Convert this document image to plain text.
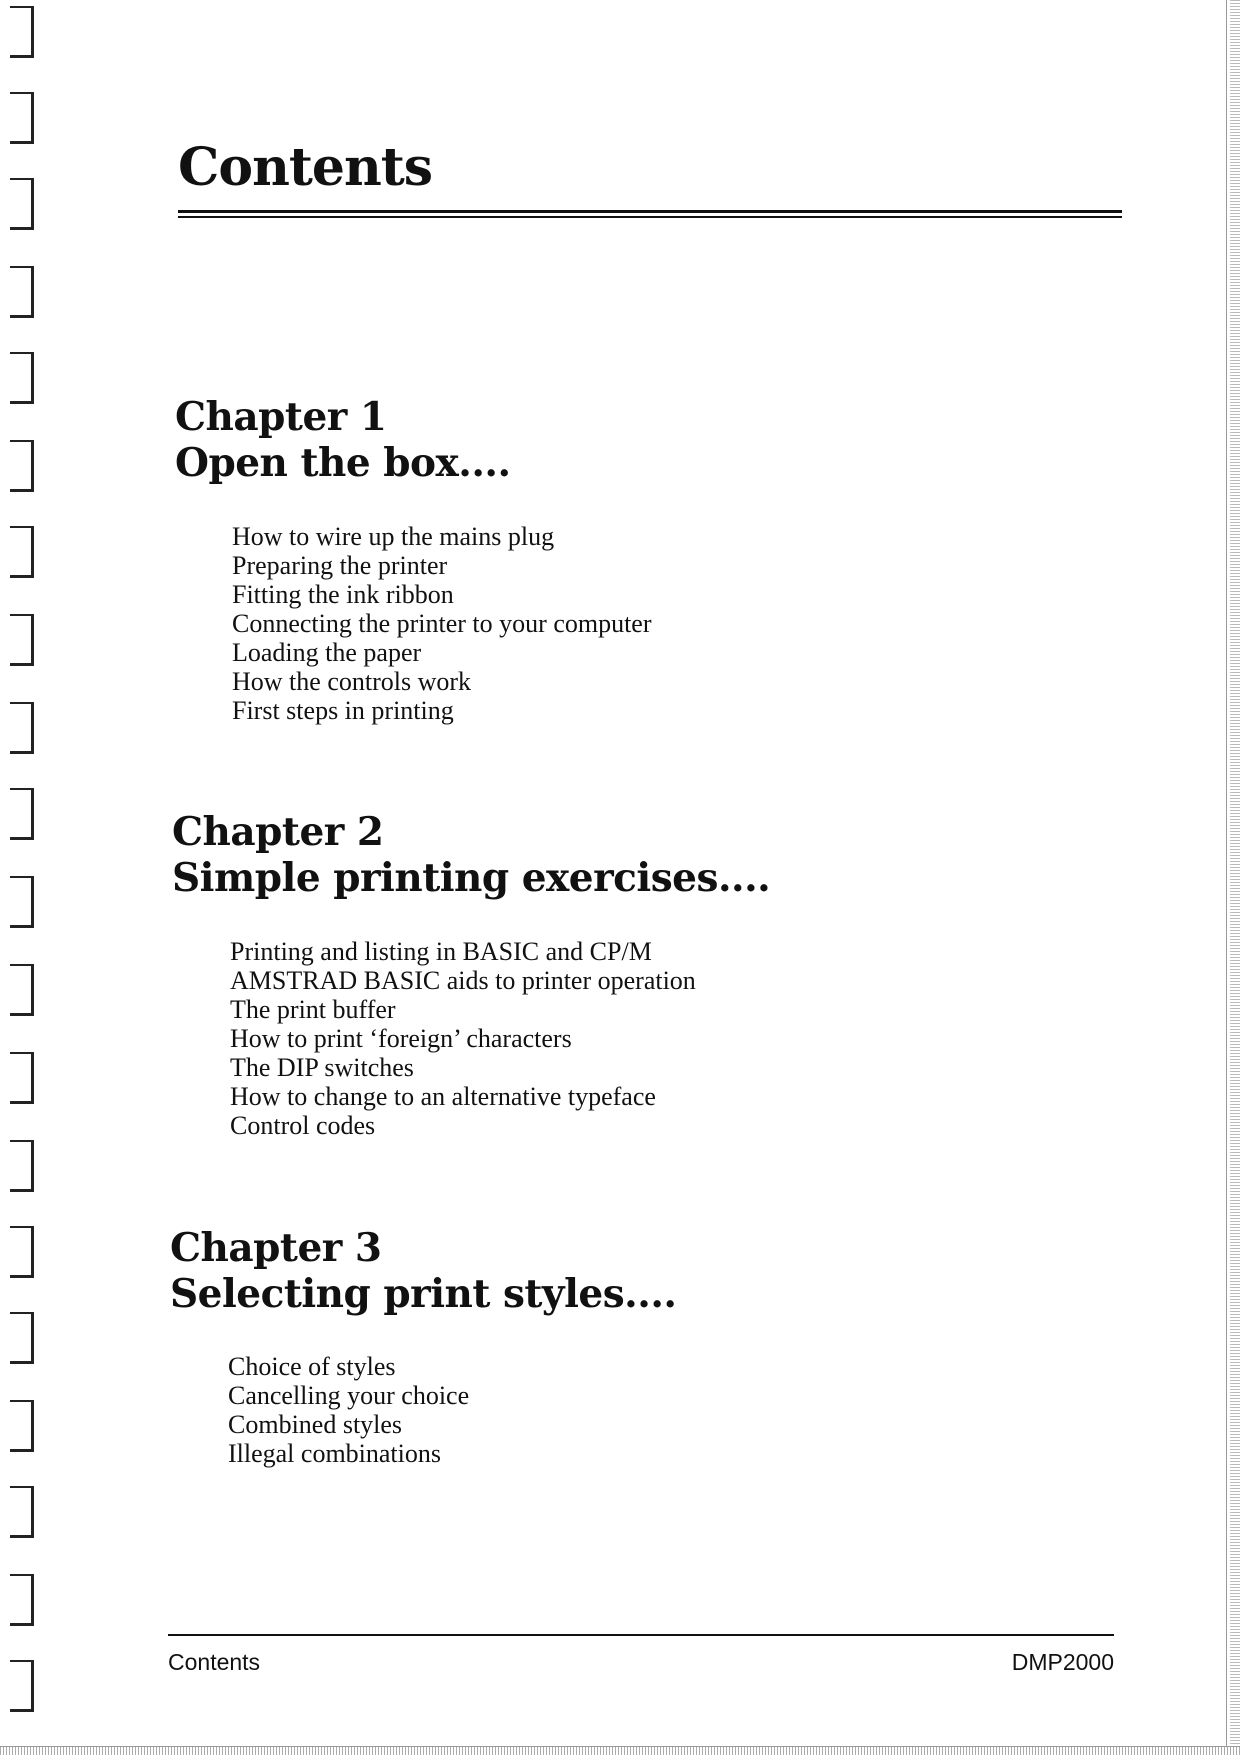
Contents
Chapter 1
Open the box....
How to wire up the mains plug
Preparing the printer
Fitting the ink ribbon
Connecting the printer to your computer
Loading the paper
How the controls work
First steps in printing
Chapter 2
Simple printing exercises....
Printing and listing in BASIC and CP/M
AMSTRAD BASIC aids to printer operation
The print buffer
How to print ‘foreign’ characters
The DIP switches
How to change to an alternative typeface
Control codes
Chapter 3
Selecting print styles....
Choice of styles
Cancelling your choice
Combined styles
Illegal combinations
Contents	DMP2000
